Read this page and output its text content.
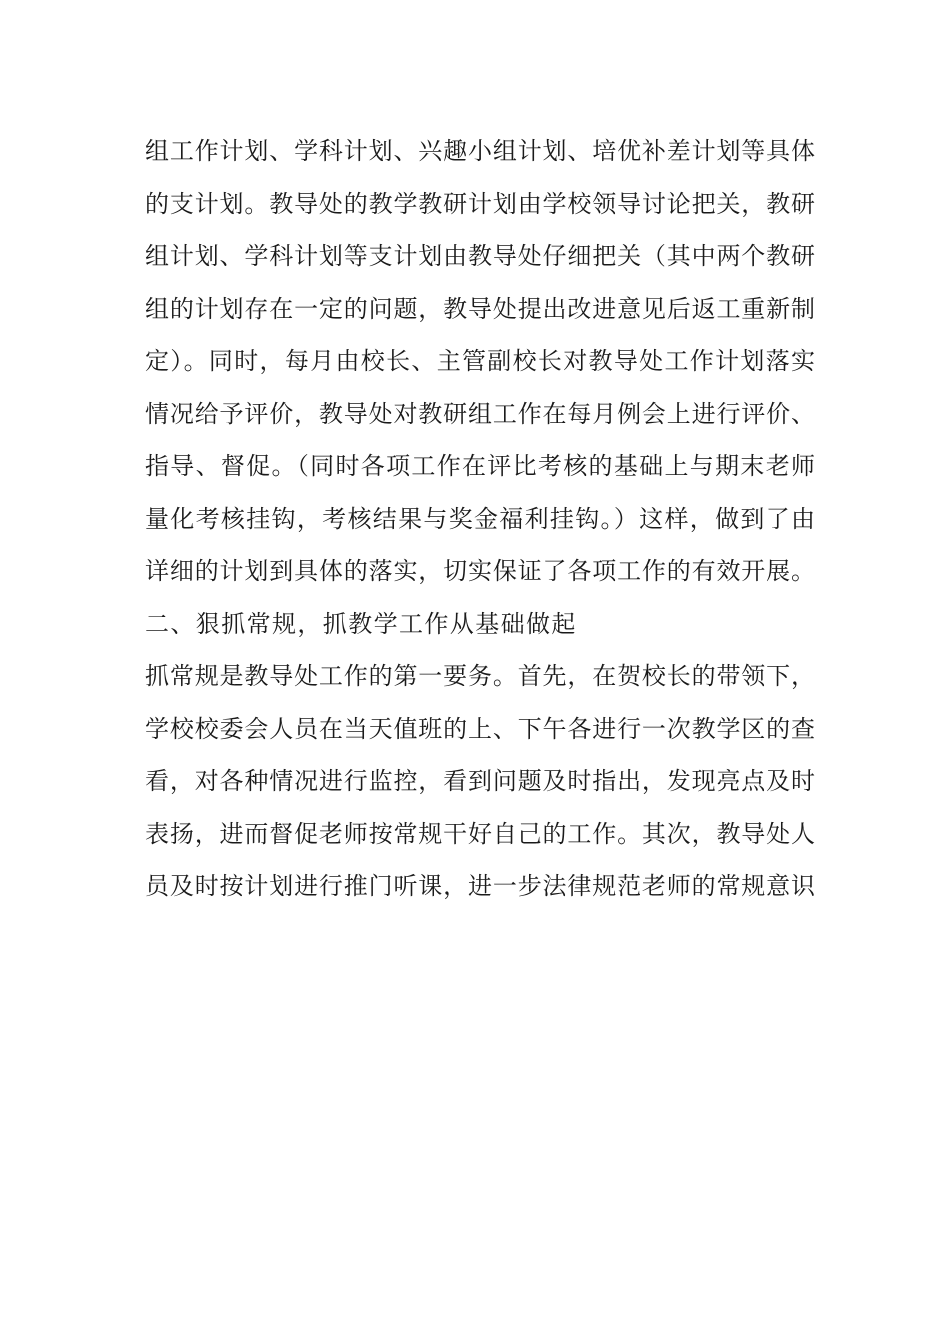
组工作计划、学科计划、兴趣小组计划、培优补差计划等具体
的支计划。教导处的教学教研计划由学校领导讨论把关，教研
组计划、学科计划等支计划由教导处仔细把关（其中两个教研
组的计划存在一定的问题，教导处提出改进意见后返工重新制
定）。同时，每月由校长、主管副校长对教导处工作计划落实
情况给予评价，教导处对教研组工作在每月例会上进行评价、
指导、督促。（同时各项工作在评比考核的基础上与期末老师
量化考核挂钩，考核结果与奖金福利挂钩。）这样，做到了由
详细的计划到具体的落实，切实保证了各项工作的有效开展。
二、狠抓常规，抓教学工作从基础做起
抓常规是教导处工作的第一要务。首先，在贺校长的带领下，
学校校委会人员在当天值班的上、下午各进行一次教学区的查
看，对各种情况进行监控，看到问题及时指出，发现亮点及时
表扬，进而督促老师按常规干好自己的工作。其次，教导处人
员及时按计划进行推门听课，进一步法律规范老师的常规意识
